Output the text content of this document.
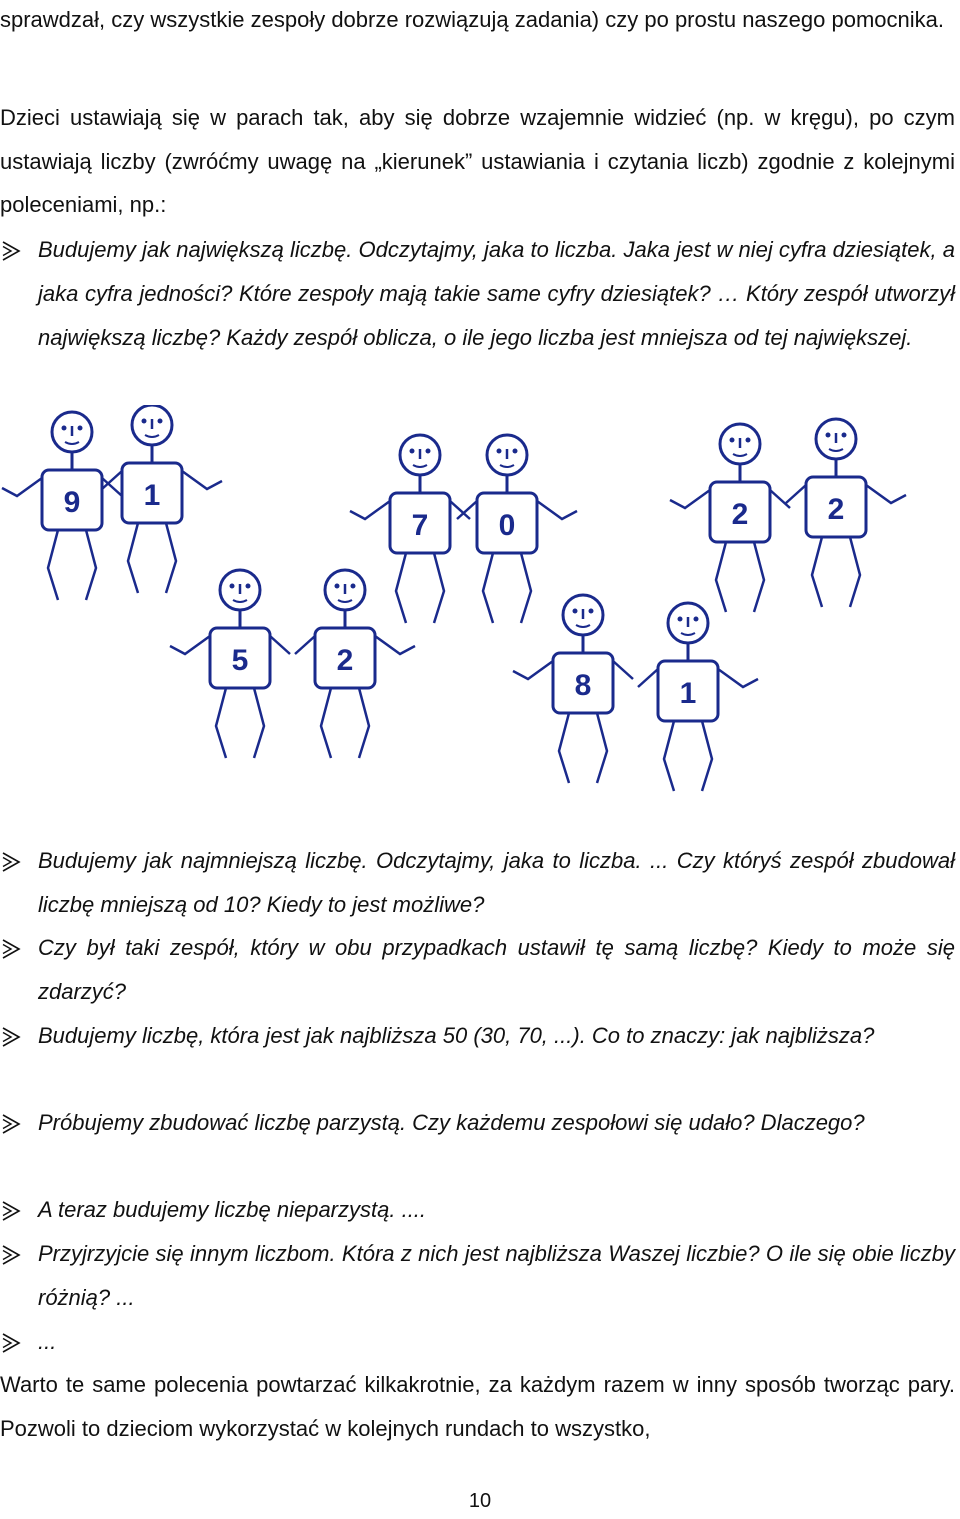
sprawdzał, czy wszystkie zespoły dobrze rozwiązują zadania) czy po prostu naszego pomocnika.

Dzieci ustawiają się w parach tak, aby się dobrze wzajemnie widzieć (np. w kręgu), po czym ustawiają liczby (zwróćmy uwagę na „kierunek” ustawiania i czytania liczb) zgodnie z kolejnymi poleceniami, np.:

Budujemy jak największą liczbę. Odczytajmy, jaka to liczba. Jaka jest w niej cyfra dziesiątek, a jaka cyfra jedności? Które zespoły mają takie same cyfry dziesiątek? … Który zespół utworzył największą liczbę? Każdy zespół oblicza, o ile jego liczba jest mniejsza od tej największej.
9 1
7 0	2	2
5	2
8	1
Budujemy jak najmniejszą liczbę. Odczytajmy, jaka to liczba. ... Czy któryś zespół zbudował liczbę mniejszą od 10? Kiedy to jest możliwe?
Czy był taki zespół, który w obu przypadkach ustawił tę samą liczbę? Kiedy to może się zdarzyć?
Budujemy liczbę, która jest jak najbliższa 50 (30, 70, ...). Co to znaczy: jak najbliższa?
Próbujemy zbudować liczbę parzystą. Czy każdemu zespołowi się udało? Dlaczego?
A teraz budujemy liczbę nieparzystą. ....
Przyjrzyjcie się innym liczbom. Która z nich jest najbliższa Waszej liczbie? O ile się obie liczby różnią? ...
...

Warto te same polecenia powtarzać kilkakrotnie, za każdym razem w inny sposób tworząc pary. Pozwoli to dzieciom wykorzystać w kolejnych rundach to wszystko,

10
